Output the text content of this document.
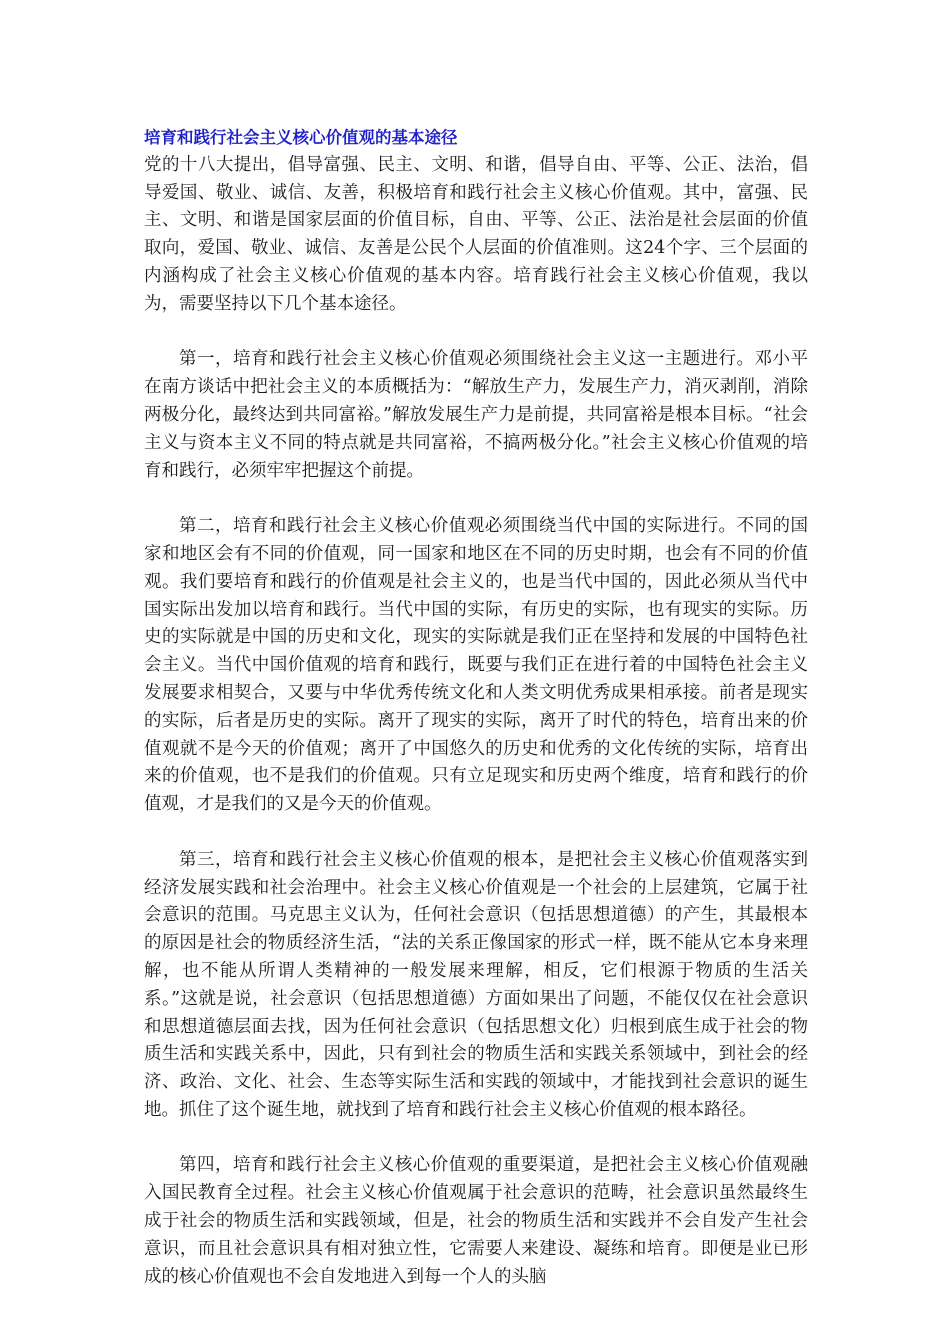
培育和践行社会主义核心价值观的基本途径

党的十八大提出，倡导富强、民主、文明、和谐，倡导自由、平等、公正、法治，倡导爱国、敬业、诚信、友善，积极培育和践行社会主义核心价值观。其中，富强、民主、文明、和谐是国家层面的价值目标，自由、平等、公正、法治是社会层面的价值取向，爱国、敬业、诚信、友善是公民个人层面的价值准则。这24个字、三个层面的内涵构成了社会主义核心价值观的基本内容。培育践行社会主义核心价值观，我以为，需要坚持以下几个基本途径。

第一，培育和践行社会主义核心价值观必须围绕社会主义这一主题进行。邓小平在南方谈话中把社会主义的本质概括为：“解放生产力，发展生产力，消灭剥削，消除两极分化，最终达到共同富裕。”解放发展生产力是前提，共同富裕是根本目标。“社会主义与资本主义不同的特点就是共同富裕，不搞两极分化。”社会主义核心价值观的培育和践行，必须牢牢把握这个前提。

第二，培育和践行社会主义核心价值观必须围绕当代中国的实际进行。不同的国家和地区会有不同的价值观，同一国家和地区在不同的历史时期，也会有不同的价值观。我们要培育和践行的价值观是社会主义的，也是当代中国的，因此必须从当代中国实际出发加以培育和践行。当代中国的实际，有历史的实际，也有现实的实际。历史的实际就是中国的历史和文化，现实的实际就是我们正在坚持和发展的中国特色社会主义。当代中国价值观的培育和践行，既要与我们正在进行着的中国特色社会主义发展要求相契合，又要与中华优秀传统文化和人类文明优秀成果相承接。前者是现实的实际，后者是历史的实际。离开了现实的实际，离开了时代的特色，培育出来的价值观就不是今天的价值观；离开了中国悠久的历史和优秀的文化传统的实际，培育出来的价值观，也不是我们的价值观。只有立足现实和历史两个维度，培育和践行的价值观，才是我们的又是今天的价值观。

第三，培育和践行社会主义核心价值观的根本，是把社会主义核心价值观落实到经济发展实践和社会治理中。社会主义核心价值观是一个社会的上层建筑，它属于社会意识的范围。马克思主义认为，任何社会意识（包括思想道德）的产生，其最根本的原因是社会的物质经济生活，“法的关系正像国家的形式一样，既不能从它本身来理解，也不能从所谓人类精神的一般发展来理解，相反，它们根源于物质的生活关系。”这就是说，社会意识（包括思想道德）方面如果出了问题，不能仅仅在社会意识和思想道德层面去找，因为任何社会意识（包括思想文化）归根到底生成于社会的物质生活和实践关系中，因此，只有到社会的物质生活和实践关系领域中，到社会的经济、政治、文化、社会、生态等实际生活和实践的领域中，才能找到社会意识的诞生地。抓住了这个诞生地，就找到了培育和践行社会主义核心价值观的根本路径。

第四，培育和践行社会主义核心价值观的重要渠道，是把社会主义核心价值观融入国民教育全过程。社会主义核心价值观属于社会意识的范畴，社会意识虽然最终生成于社会的物质生活和实践领域，但是，社会的物质生活和实践并不会自发产生社会意识，而且社会意识具有相对独立性，它需要人来建设、凝练和培育。即便是业已形成的核心价值观也不会自发地进入到每一个人的头脑
